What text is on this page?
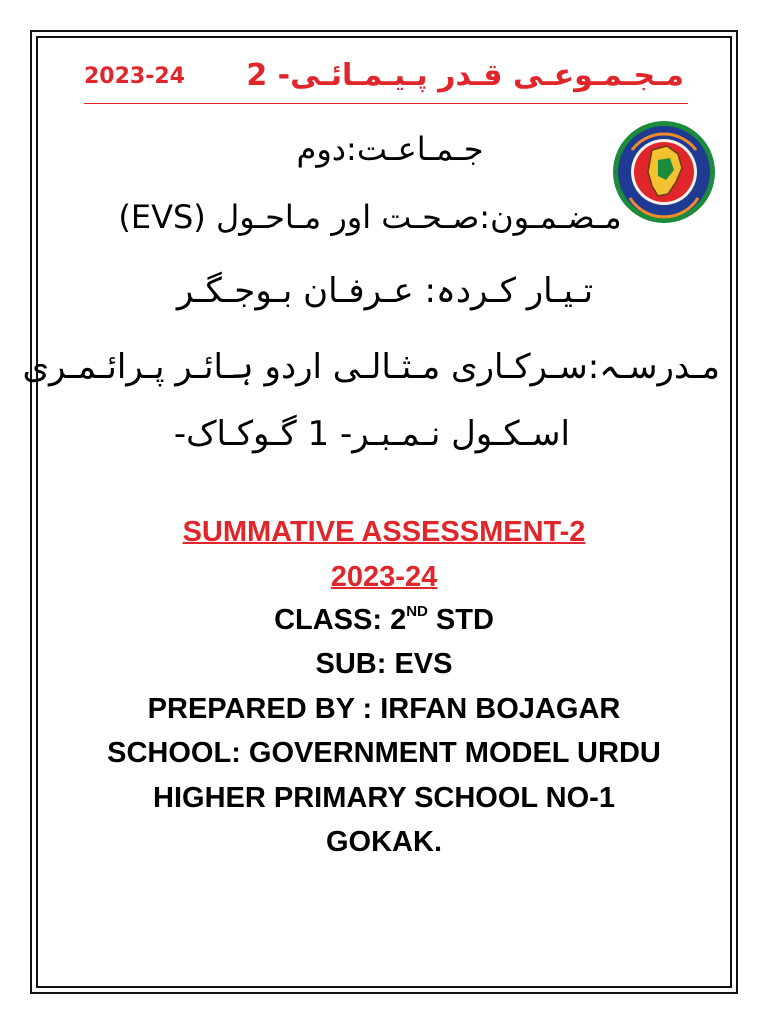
2023-24 مـجـمـوعـی قـدر پـیـمـائـی- 2
جـمـاعـت:دوم
مـضـمـون:صـحـت اور مـاحـول (EVS)
تـیـار کـردہ: عـرفـان بـوجـگـر
مـدرسـہ:سـرکـاری مـثـالـی اردو ہـائـر پـرائـمـری
اسـکـول نـمـبـر- 1 گـوکـاک-
SUMMATIVE ASSESSMENT-2
2023-24
CLASS: 2ND STD
SUB: EVS
PREPARED BY : IRFAN BOJAGAR
SCHOOL: GOVERNMENT MODEL URDU
HIGHER PRIMARY SCHOOL NO-1
GOKAK.
